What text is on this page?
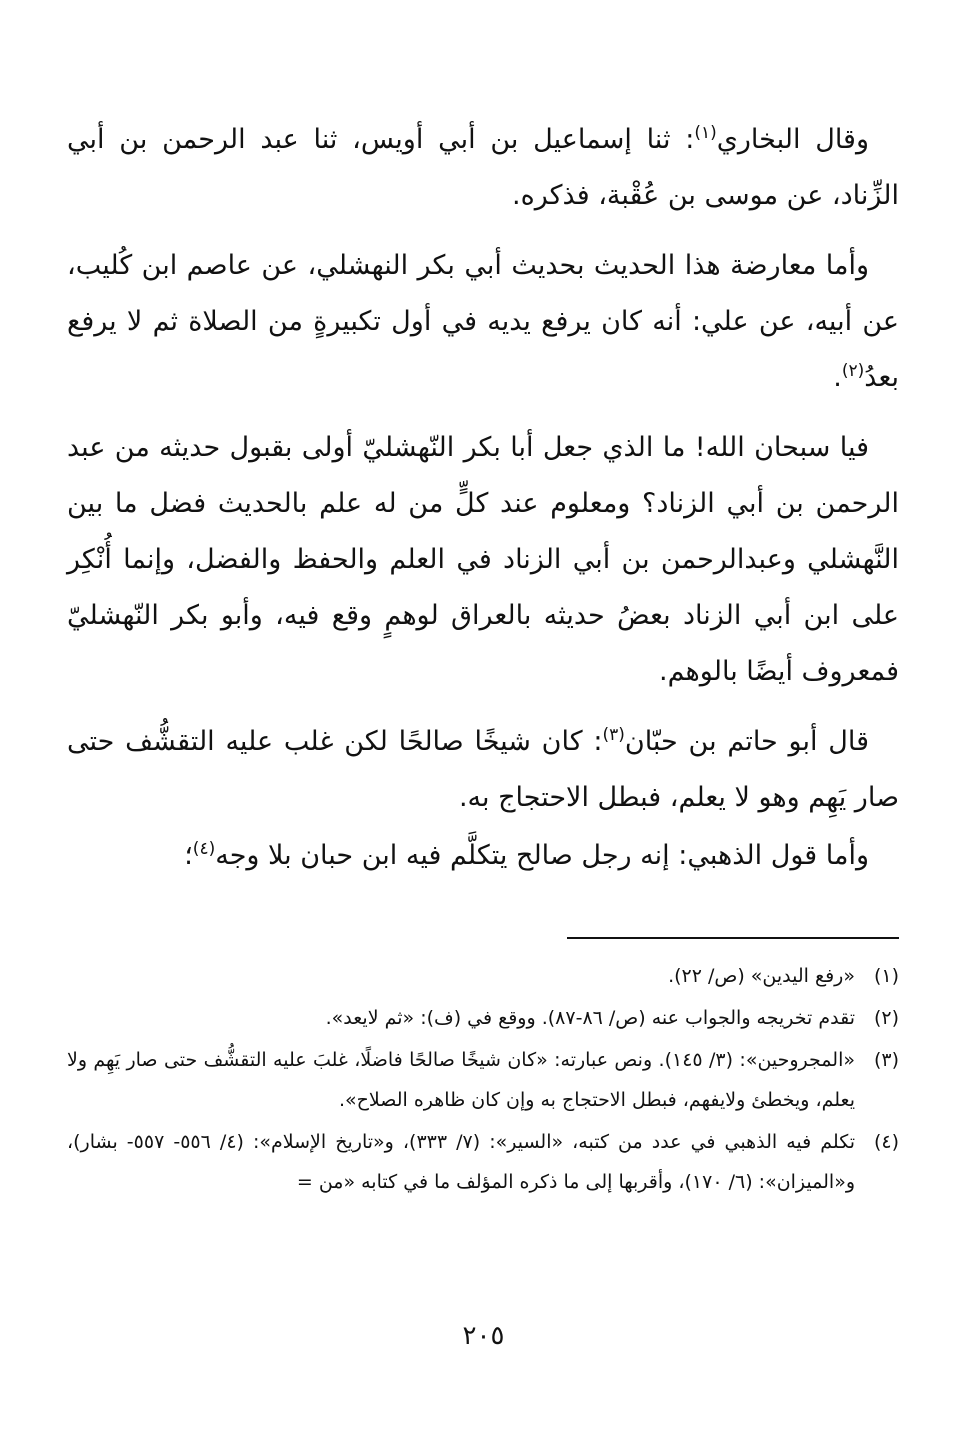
وقال البخاري$^{(١)}$: ثنا إسماعيل بن أبي أويس، ثنا عبد الرحمن بن أبي الزِّناد، عن موسى بن عُقْبة، فذكره.

وأما معارضة هذا الحديث بحديث أبي بكر النهشلي، عن عاصم ابن كُليب، عن أبيه، عن علي: أنه كان يرفع يديه في أول تكبيرةٍ من الصلاة ثم لا يرفع بعدُ$^{(٢)}$.

فيا سبحان الله! ما الذي جعل أبا بكر النّهشليّ أولى بقبول حديثه من عبد الرحمن بن أبي الزناد؟ ومعلوم عند كلٍّ من له علم بالحديث فضل ما بين النَّهشلي وعبدالرحمن بن أبي الزناد في العلم والحفظ والفضل، وإنما أُنْكِر على ابن أبي الزناد بعضُ حديثه بالعراق لوهمٍ وقع فيه، وأبو بكر النّهشليّ فمعروف أيضًا بالوهم.

قال أبو حاتم بن حبّان$^{(٣)}$: كان شيخًا صالحًا لكن غلب عليه التقشُّف حتى صار يَهِم وهو لا يعلم، فبطل الاحتجاج به.

وأما قول الذهبي: إنه رجل صالح يتكلَّم فيه ابن حبان بلا وجه$^{(٤)}$؛

(١)
«رفع اليدين» (ص/ ٢٢).
(٢)
تقدم تخريجه والجواب عنه (ص/ ٨٦-٨٧). ووقع في (ف): «ثم لايعد».
(٣)
«المجروحين»: (٣/ ١٤٥). ونص عبارته: «كان شيخًا صالحًا فاضلًا، غلبَ عليه التقشُّف حتى صار يَهِم ولا يعلم، ويخطئ ولايفهم، فبطل الاحتجاج به وإن كان ظاهره الصلاح».
(٤)
تكلم فيه الذهبي في عدد من كتبه، «السير»: (٧/ ٣٣٣)، و«تاريخ الإسلام»: (٤/ ٥٥٦- ٥٥٧- بشار)، و«الميزان»: (٦/ ١٧٠)، وأقربها إلى ما ذكره المؤلف ما في كتابه «من =
٢٠٥
